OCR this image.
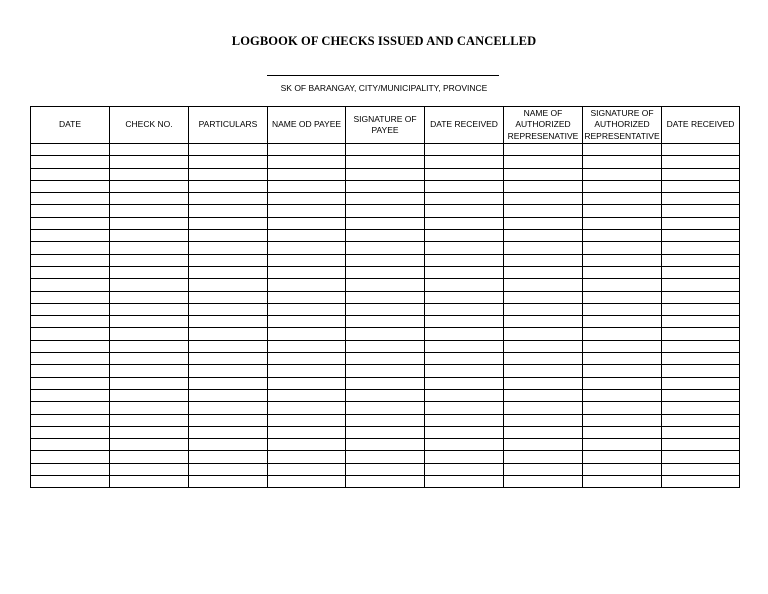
LOGBOOK OF CHECKS ISSUED AND CANCELLED
SK OF BARANGAY, CITY/MUNICIPALITY, PROVINCE
DATE	CHECK NO.	PARTICULARS	NAME OD PAYEE	SIGNATURE OF PAYEE	DATE RECEIVED	NAME OF AUTHORIZED REPRESENATIVE	SIGNATURE OF AUTHORIZED REPRESENTATIVE	DATE RECEIVED
